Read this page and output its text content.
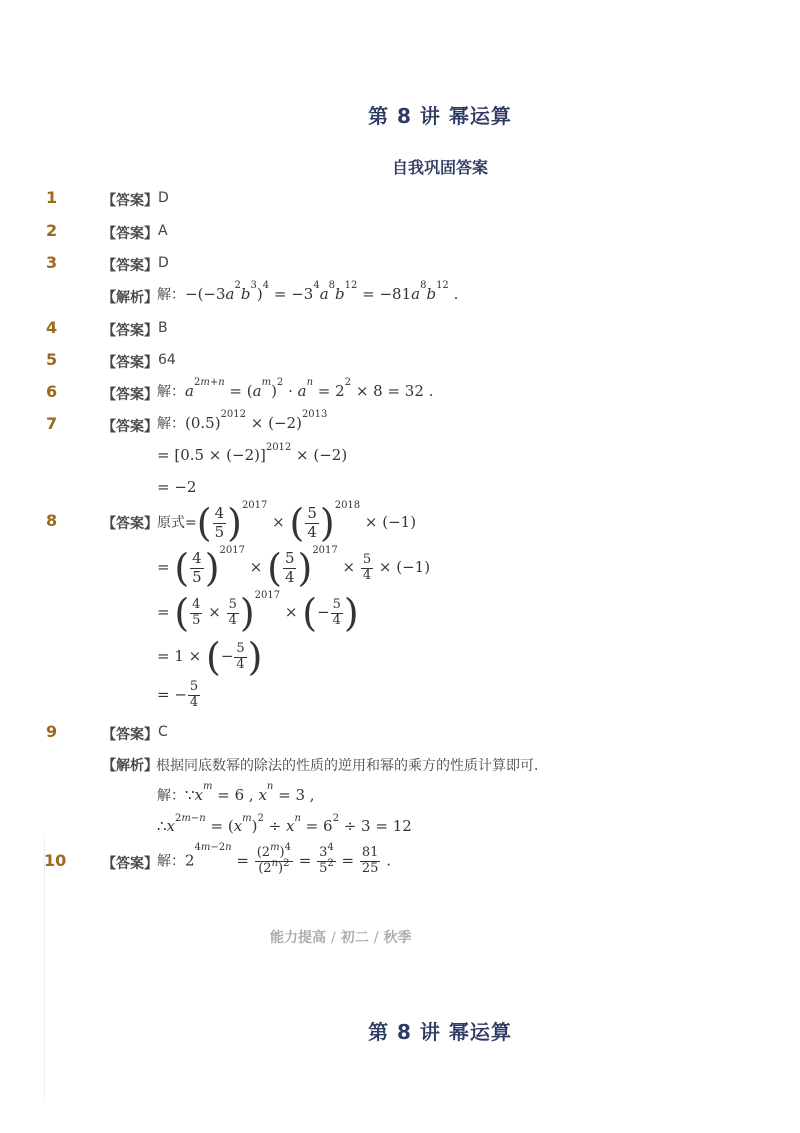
第 8 讲 幂运算
自我巩固答案
1	【答案】 D
2	【答案】 A
3	【答案】 D
【解析】 解：$-(-3a^2b^3)^4 = -3^4a^8b^{12} = -81a^8b^{12}$ .
4	【答案】 B
5	【答案】 64
6	【答案】 解：$a^{2m+n} = (a^m)^2 \cdot a^n = 2^2 \times 8 = 32$ .
7	【答案】 解：$(0.5)^{2012} \times (-2)^{2013}$
= $[0.5 \times (-2)]^{2012} \times (-2)$
= −2
8	【答案】 原式=( $\frac{4}{5} )^{2017}$ × ( $\frac{5}{4} )^{2018} \times (-1)$
= ( $\frac{4}{5} )^{2017}$ × ( $\frac{5}{4} )^{2017} \times \frac{5}{4} \times (-1)$
= ( $\frac{4}{5} \times \frac{5}{4} )^{2017}$ × (− $\frac{5}{4}$ )
= 1 × (− $\frac{5}{4}$ )
= − $\frac{5}{4}$
9	【答案】 C
【解析】
根据同底数幂的除法的性质的逆用和幂的乘方的性质计算即可．
解：$\because x^m = 6$ , $x^n = 3$ ,
$\therefore x^{2m-n} = (x^m)^2 \div x^n = 6^2 \div 3 = 12$
10	【答案】 解：$2^{4m-2n} = \frac{(2^m)^4}{(2^n)^2} = \frac{3^4}{5^2} = \frac{81}{25}$ .
能力提高 / 初二 / 秋季
第 8 讲 幂运算
